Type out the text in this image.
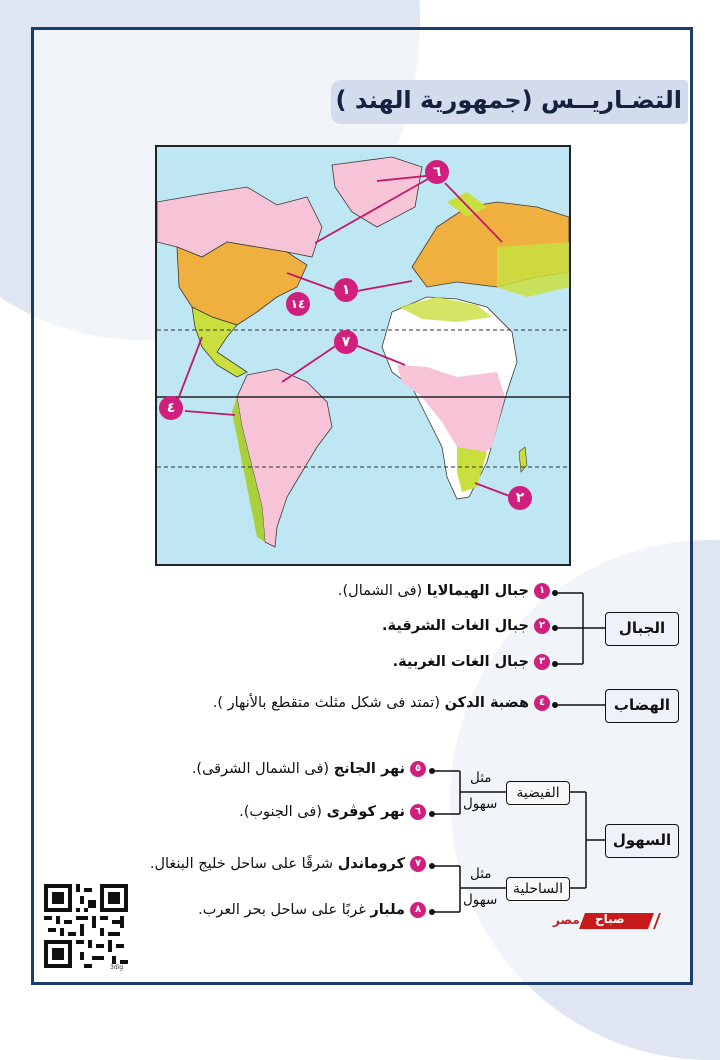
التضـاريــس (جمهورية الهند )
٦
١
١٤
٧
٤
٢
الجبال
الهضاب
السهول
الفيضية
الساحلية
مثل
سهول
مثل
سهول
١جبال الهيمالايا (فى الشمال).
٢جبال الغات الشرقية.
٣جبال الغات الغربية.
٤هضبة الدكن (تمتد فى شكل مثلث متقطع بالأنهار ).
٥نهر الجانج (فى الشمال الشرقى).
٦نهر كوڤرى (فى الجنوب).
٧كروماندل شرقًا على ساحل خليج البنغال.
٨ملبار غربًا على ساحل بحر العرب.
3dig
صباح
مصر
